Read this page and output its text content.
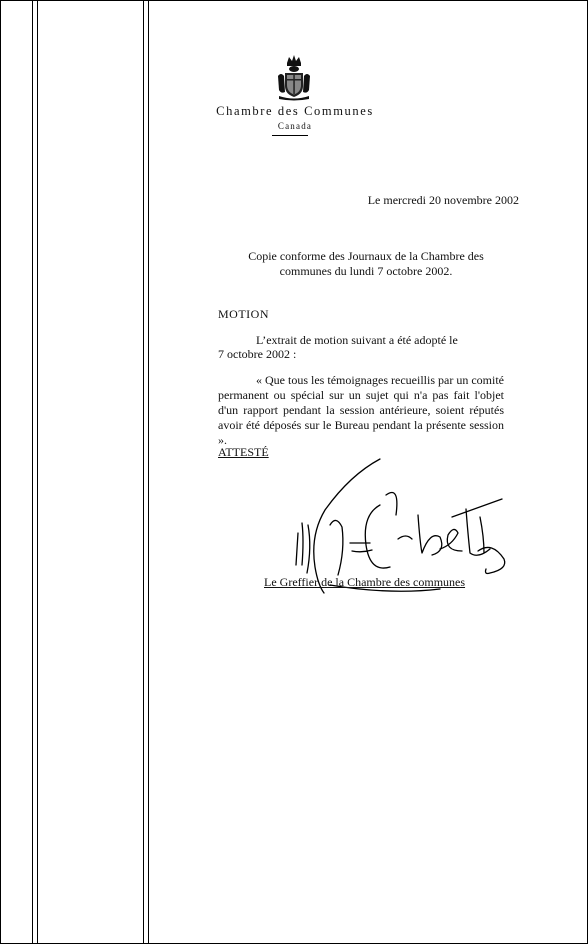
Chambre des Communes
Canada
Le mercredi 20 novembre 2002
Copie conforme des Journaux de la Chambre des
communes du lundi 7 octobre 2002.
MOTION
L’extrait de motion suivant a été adopté le
7 octobre 2002 :
« Que tous les témoignages recueillis par un comité permanent ou spécial sur un sujet qui n'a pas fait l'objet d'un rapport pendant la session antérieure, soient réputés avoir été déposés sur le Bureau pendant la présente session ».
ATTESTÉ
Le Greffier de la Chambre des communes
